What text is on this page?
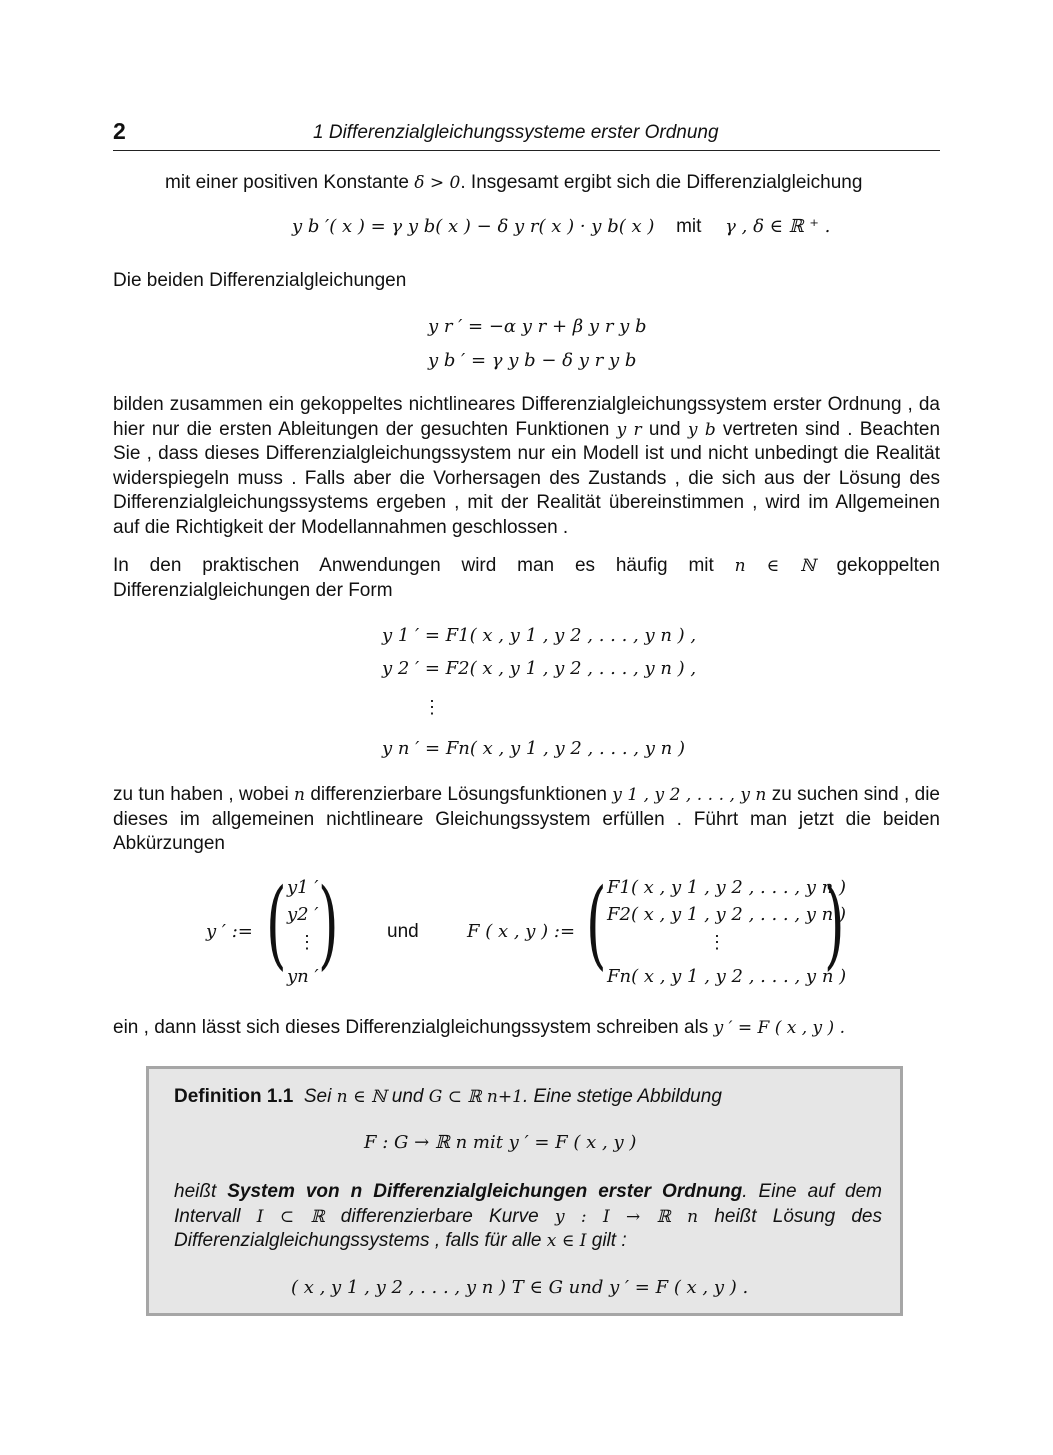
2	1 Differenzialgleichungssysteme erster Ordnung
mit einer positiven Konstante δ > 0. Insgesamt ergibt sich die Differenzialgleichung
y b ′( x ) = γ y b( x ) − δ y r( x ) · y b( x ) mit γ , δ ∈ ℝ ⁺ .
Die beiden Differenzialgleichungen
y r ′ = −α y r + β y r y b
y b ′ = γ y b − δ y r y b
bilden zusammen ein gekoppeltes nichtlineares Differenzialgleichungssystem erster Ordnung , da hier nur die ersten Ableitungen der gesuchten Funktionen y r und y b vertreten sind . Beachten Sie , dass dieses Differenzialgleichungssystem nur ein Modell ist und nicht unbedingt die Realität widerspiegeln muss . Falls aber die Vorhersagen des Zustands , die sich aus der Lösung des Differenzialgleichungssystems ergeben , mit der Realität übereinstimmen , wird im Allgemeinen auf die Richtigkeit der Modellannahmen geschlossen .
In den praktischen Anwendungen wird man es häufig mit n ∈ ℕ gekoppelten Differenzialgleichungen der Form
y 1 ′ = F1( x , y 1 , y 2 , . . . , y n ) ,
y 2 ′ = F2( x , y 1 , y 2 , . . . , y n ) ,
⋮
y n ′ = Fn( x , y 1 , y 2 , . . . , y n )
zu tun haben , wobei n differenzierbare Lösungsfunktionen y 1 , y 2 , . . . , y n zu suchen sind , die dieses im allgemeinen nichtlineare Gleichungssystem erfüllen . Führt man jetzt die beiden Abkürzungen
y ′ := ( )
y1 ′
y2 ′
⋮
yn ′
und	F ( x , y ) := ( )
F1( x , y 1 , y 2 , . . . , y n )
F2( x , y 1 , y 2 , . . . , y n )
⋮
Fn( x , y 1 , y 2 , . . . , y n )
ein , dann lässt sich dieses Differenzialgleichungssystem schreiben als y ′ = F ( x , y ) .
Definition 1.1 Sei n ∈ ℕ und G ⊂ ℝ n+1. Eine stetige Abbildung
F : G → ℝ n mit y ′ = F ( x , y )
heißt System von n Differenzialgleichungen erster Ordnung. Eine auf dem Intervall I ⊂ ℝ differenzierbare Kurve y : I → ℝ n heißt Lösung des Differenzialgleichungssystems , falls für alle x ∈ I gilt :
( x , y 1 , y 2 , . . . , y n ) T ∈ G und y ′ = F ( x , y ) .
